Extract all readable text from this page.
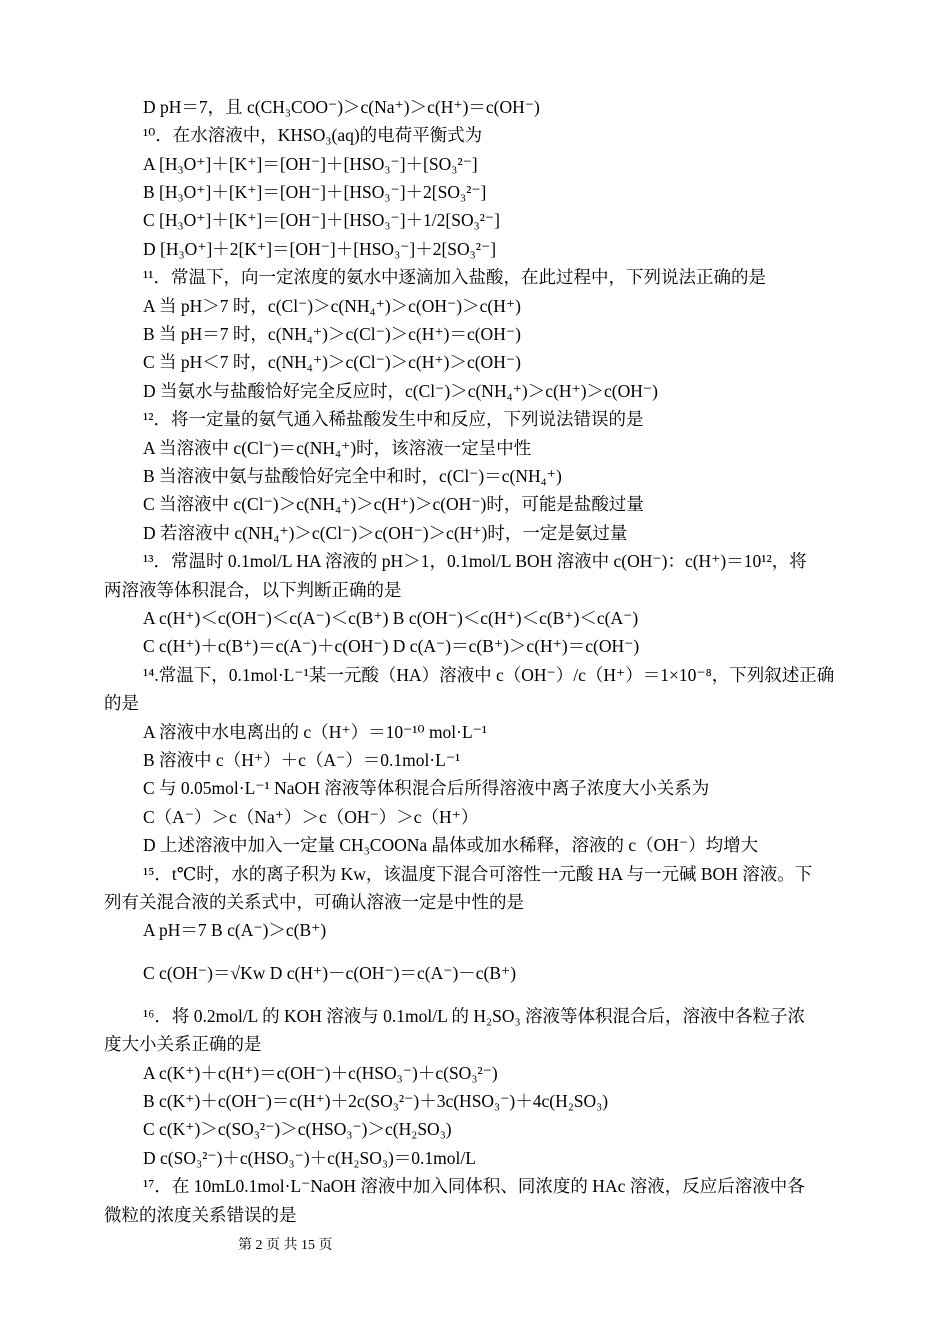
D pH＝7，且 c(CH₃COO⁻)＞c(Na⁺)＞c(H⁺)＝c(OH⁻)
¹⁰．在水溶液中，KHSO₃(aq)的电荷平衡式为
A [H₃O⁺]＋[K⁺]＝[OH⁻]＋[HSO₃⁻]＋[SO₃²⁻]
B [H₃O⁺]＋[K⁺]＝[OH⁻]＋[HSO₃⁻]＋2[SO₃²⁻]
C [H₃O⁺]＋[K⁺]＝[OH⁻]＋[HSO₃⁻]＋1/2[SO₃²⁻]
D [H₃O⁺]＋2[K⁺]＝[OH⁻]＋[HSO₃⁻]＋2[SO₃²⁻]
¹¹．常温下，向一定浓度的氨水中逐滴加入盐酸，在此过程中，下列说法正确的是
A 当 pH＞7 时，c(Cl⁻)＞c(NH₄⁺)＞c(OH⁻)＞c(H⁺)
B 当 pH＝7 时，c(NH₄⁺)＞c(Cl⁻)＞c(H⁺)＝c(OH⁻)
C 当 pH＜7 时，c(NH₄⁺)＞c(Cl⁻)＞c(H⁺)＞c(OH⁻)
D 当氨水与盐酸恰好完全反应时，c(Cl⁻)＞c(NH₄⁺)＞c(H⁺)＞c(OH⁻)
¹²．将一定量的氨气通入稀盐酸发生中和反应，下列说法错误的是
A 当溶液中 c(Cl⁻)＝c(NH₄⁺)时，该溶液一定呈中性
B 当溶液中氨与盐酸恰好完全中和时，c(Cl⁻)＝c(NH₄⁺)
C 当溶液中 c(Cl⁻)＞c(NH₄⁺)＞c(H⁺)＞c(OH⁻)时，可能是盐酸过量
D 若溶液中 c(NH₄⁺)＞c(Cl⁻)＞c(OH⁻)＞c(H⁺)时，一定是氨过量
¹³．常温时 0.1mol/L HA 溶液的 pH＞1，0.1mol/L BOH 溶液中 c(OH⁻)：c(H⁺)＝10¹²，将
两溶液等体积混合，以下判断正确的是
A c(H⁺)＜c(OH⁻)＜c(A⁻)＜c(B⁺) B c(OH⁻)＜c(H⁺)＜c(B⁺)＜c(A⁻)
C c(H⁺)＋c(B⁺)＝c(A⁻)＋c(OH⁻) D c(A⁻)＝c(B⁺)＞c(H⁺)＝c(OH⁻)
¹⁴.常温下，0.1mol·L⁻¹某一元酸（HA）溶液中 c（OH⁻）/c（H⁺）＝1×10⁻⁸，下列叙述正确
的是
A 溶液中水电离出的 c（H⁺）＝10⁻¹⁰ mol·L⁻¹
B 溶液中 c（H⁺）＋c（A⁻）＝0.1mol·L⁻¹
C 与 0.05mol·L⁻¹ NaOH 溶液等体积混合后所得溶液中离子浓度大小关系为
C（A⁻）＞c（Na⁺）＞c（OH⁻）＞c（H⁺）
D 上述溶液中加入一定量 CH₃COONa 晶体或加水稀释，溶液的 c（OH⁻）均增大
¹⁵．t℃时，水的离子积为 Kw，该温度下混合可溶性一元酸 HA 与一元碱 BOH 溶液。下
列有关混合液的关系式中，可确认溶液一定是中性的是
A pH＝7 B c(A⁻)＞c(B⁺)
C c(OH⁻)＝√Kw D c(H⁺)－c(OH⁻)＝c(A⁻)－c(B⁺)
¹⁶．将 0.2mol/L 的 KOH 溶液与 0.1mol/L 的 H₂SO₃ 溶液等体积混合后，溶液中各粒子浓
度大小关系正确的是
A c(K⁺)＋c(H⁺)＝c(OH⁻)＋c(HSO₃⁻)＋c(SO₃²⁻)
B c(K⁺)＋c(OH⁻)＝c(H⁺)＋2c(SO₃²⁻)＋3c(HSO₃⁻)＋4c(H₂SO₃)
C c(K⁺)＞c(SO₃²⁻)＞c(HSO₃⁻)＞c(H₂SO₃)
D c(SO₃²⁻)＋c(HSO₃⁻)＋c(H₂SO₃)＝0.1mol/L
¹⁷．在 10mL0.1mol·L⁻NaOH 溶液中加入同体积、同浓度的 HAc 溶液，反应后溶液中各
微粒的浓度关系错误的是
第 2 页 共 15 页
